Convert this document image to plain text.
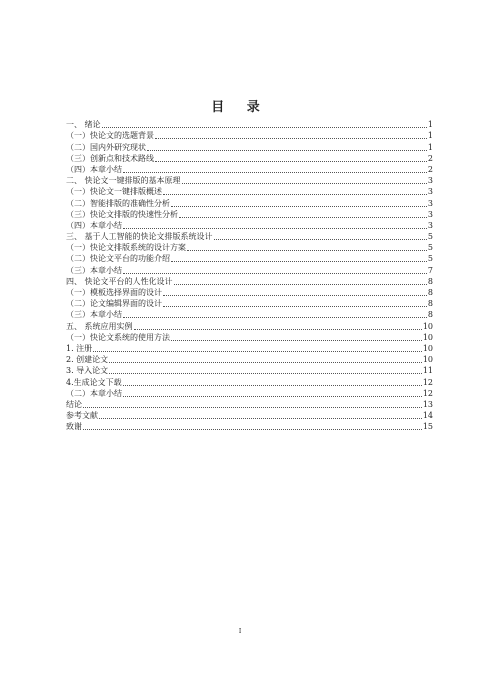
目 录
一、 绪论	1
（一）快论文的选题背景	1
（二）国内外研究现状	1
（三）创新点和技术路线	2
（四）本章小结	2
二、 快论文一键排版的基本原理	3
（一）快论文一键排版概述	3
（二）智能排版的准确性分析	3
（三）快论文排版的快速性分析	3
（四）本章小结	3
三、 基于人工智能的快论文排版系统设计	5
（一）快论文排版系统的设计方案	5
（二）快论文平台的功能介绍	5
（三）本章小结	7
四、 快论文平台的人性化设计	8
（一）模板选择界面的设计	8
（二）论文编辑界面的设计	8
（三）本章小结	8
五、 系统应用实例	10
（一）快论文系统的使用方法	10
1. 注册	10
2. 创建论文	10
3. 导入论文	11
4.生成论文下载	12
（二）本章小结	12
结论	13
参考文献	14
致谢	15
I
